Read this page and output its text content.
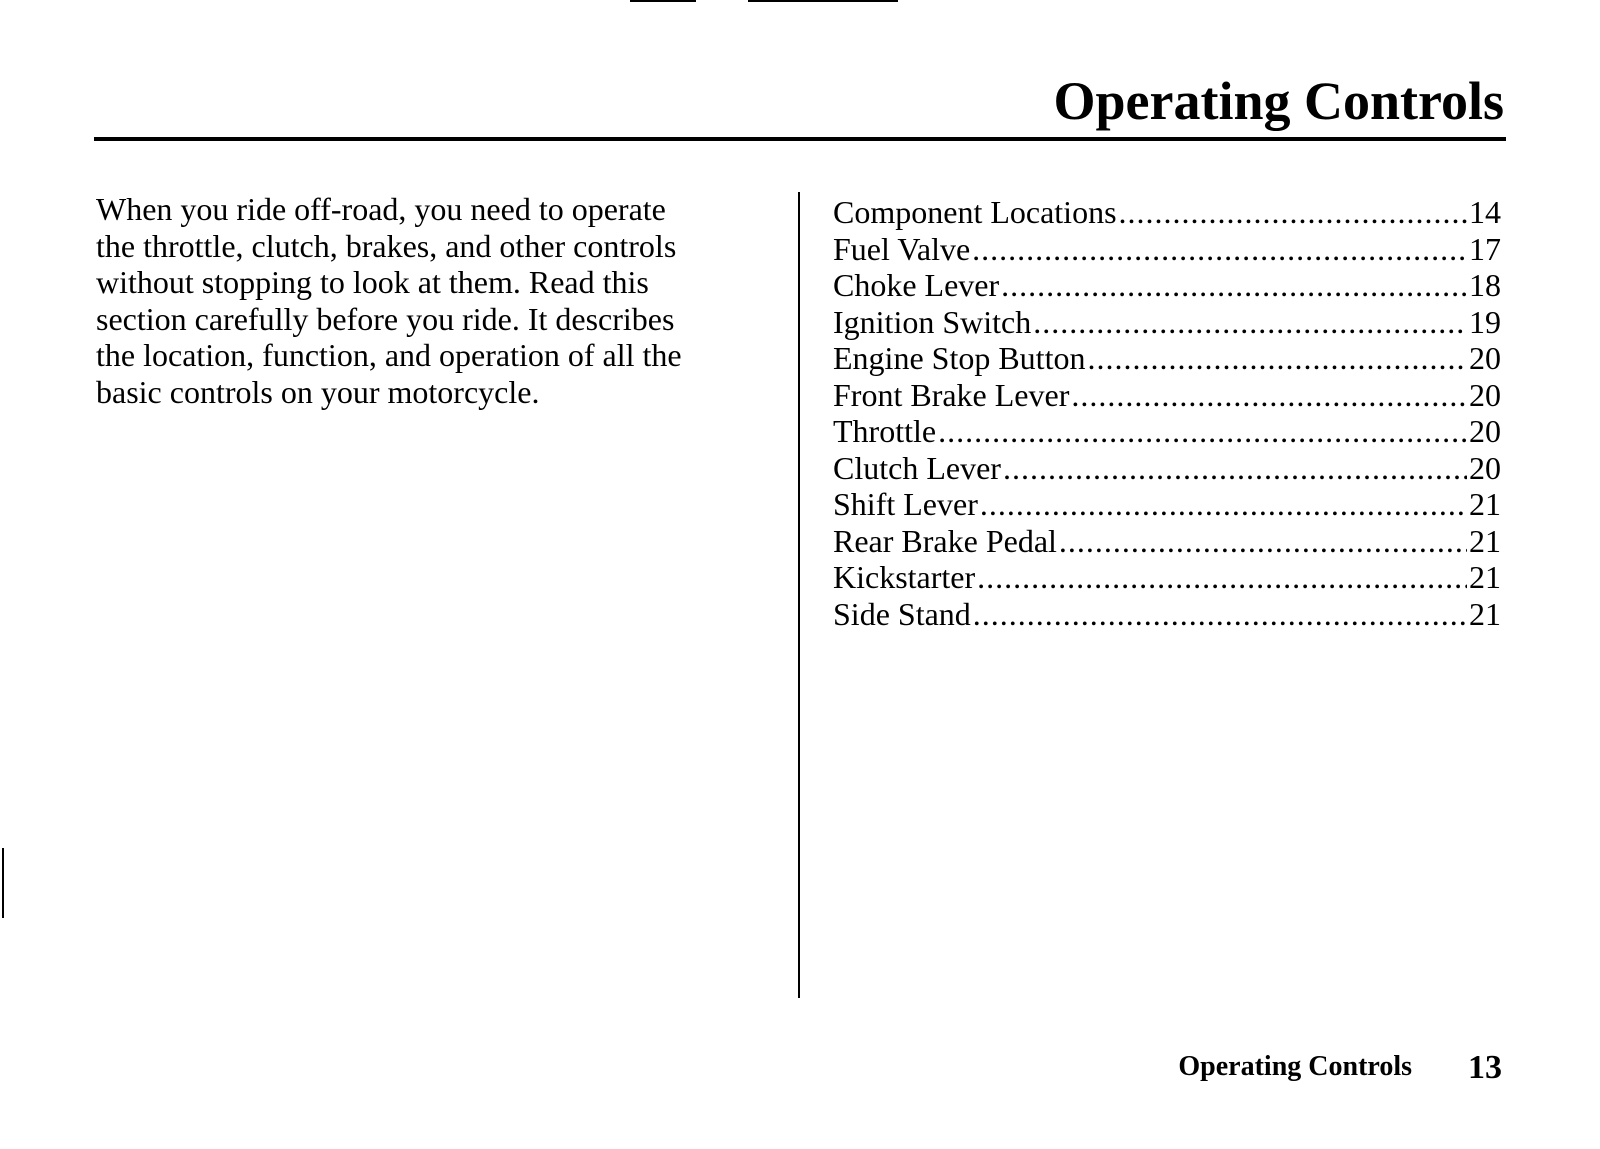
Operating Controls

When you ride off-road, you need to operate
the throttle, clutch, brakes, and other controls
without stopping to look at them. Read this
section carefully before you ride. It describes
the location, function, and operation of all the
basic controls on your motorcycle.

Component Locations .....	14
Fuel Valve .....	17
Choke Lever .....	18
Ignition Switch .....	19
Engine Stop Button .....	20
Front Brake Lever .....	20
Throttle .....	20
Clutch Lever .....	20
Shift Lever .....	21
Rear Brake Pedal .....	21
Kickstarter .....	21
Side Stand .....	21
Operating Controls 13
